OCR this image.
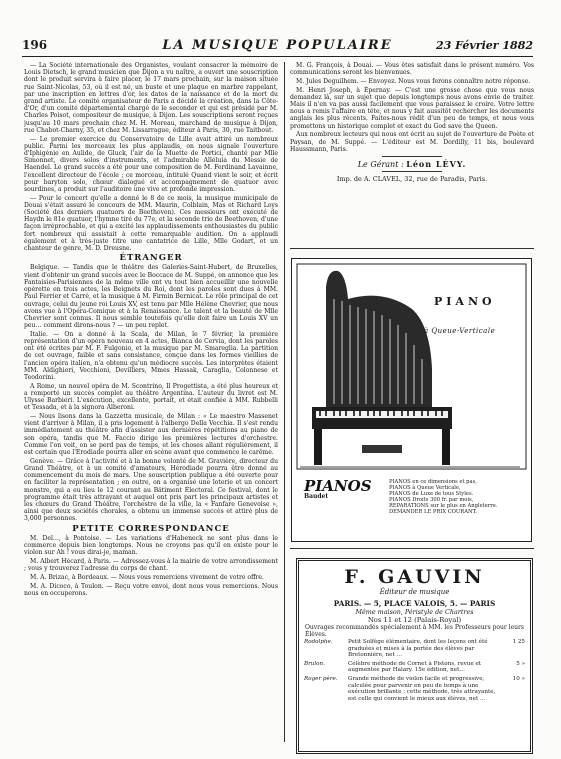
196	LA MUSIQUE POPULAIRE	23 Février 1882

— La Société internationale des Organistes, voulant consacrer la mémoire de Louis Dietsch, le grand musicien que Dijon a vu naître, a ouvert une souscription dont le produit servira à faire placer, le 17 mars prochain, sur la maison située rue Saint-Nicolas, 53, où il est né, un buste et une plaque en marbre rappelant, par une inscription en lettres d'or, les dates de la naissance et de la mort du grand artiste. Le comité organisateur de Paris a décidé la création, dans la Côte-d'Or, d'un comité départemental chargé de le seconder et qui est présidé par M. Charles Poisot, compositeur de musique, à Dijon. Les souscriptions seront reçues jusqu'au 10 mars prochain chez M. H. Moreau, marchand de musique à Dijon, rue Chabot-Charny, 35, et chez M. Lissarrague, éditeur à Paris, 30, rue Taitbout.

— Le premier exercice du Conservatoire de Lille avait attiré un nombreux public. Parmi les morceaux les plus applaudis, on nous signale l'ouverture d'Iphigénie en Aulide, de Gluck, l'air de la Muette de Portici, chanté par Mlle Simonnet, divers solos d'instruments, et l'admirable Alléluia du Messie de Haendel. Le grand succès a été pour une composition de M. Ferdinand Lavainne, l'excellent directeur de l'école ; ce morceau, intitulé Quand vient le soir, et écrit pour baryton solo, chœur dialogué et accompagnement de quatuor avec sourdines, a produit sur l'auditoire une vive et profonde impression.

— Pour le concert qu'elle a donné le 8 de ce mois, la musique municipale de Douai s'était assuré le concours de MM. Maurin, Colblain, Mas et Richard Loys (Société des derniers quatuors de Beethoven). Ces messieurs ont exécuté de Haydn le 81e quatuor, l'hymne tiré du 77e, et la seconde trio de Beethoven, d'une façon irréprochable, et qui a excité les applaudissements enthousiastes du public fort nombreux qui assistait à cette remarquable audition. On a applaudi également et à très-juste titre une cantatrice de Lille, Mlle Godart, et un chanteur de genre, M. D. Dreusne.

ÉTRANGER

Belgique. — Tandis que le théâtre des Galeries-Saint-Hubert, de Bruxelles, vient d'obtenir un grand succès avec le Boccace de M. Suppé, on annonce que les Fantaisies-Parisiennes de la même ville ont vu tout bien accueillir une nouvelle opérette en trois actes, les Beignets du Roi, dont les paroles sont dues à MM. Paul Ferrier et Carré, et la musique à M. Firmin Bernicat. Le rôle principal de cet ouvrage, celui du jeune roi Louis XV, est tenu par Mlle Hélène Chevrier, que nous avons vue à l'Opéra-Comique et à la Renaissance. Le talent et la beauté de Mlle Chevrier sont connus. Il nous semble toutefois qu'elle doit faire un Louis XV un peu… comment dirons-nous ? — un peu replet.

Italie. — On a donné à la Scala, de Milan, le 7 février, la première représentation d'un opéra nouveau en 4 actes, Bianca de Cervia, dont les paroles ont été écrites par M. F. Fulgonio, et la musique par M. Smareglia. La partition de cet ouvrage, faible et sans consistance, conçue dans les formes vieillies de l'ancien opéra italien, n'a obtenu qu'un médiocre succès. Les interprètes étaient MM. Aldighieri, Vecchioni, Devilliers, Mmes Hassak, Caraglia, Colonnese et Teodorini.

A Rome, un nouvel opéra de M. Scontrino, Il Progettista, a été plus heureux et a remporté un succès complet au théâtre Argentina. L'auteur du livret est M. Ulysse Barbieri. L'exécution, excellente, portait, et était confiée à MM. Rubbelli et Tessada, et à la signora Alberoni.

— Nous lisons dans la Gazzetta musicale, de Milan : « Le maestro Massenet vient d'arriver à Milan, il a pris logement à l'albergo Della Vecchia. Il s'est rendu immédiatement au théâtre afin d'assister aux dernières répétitions au piano de son opéra, tandis que M. Faccio dirige les premières lectures d'orchestre. Comme l'on voit, on se perd pas de temps, et les choses allant régulièrement, il est certain que l'Erodiade pourra aller en scène avant que commence le carême.

Genève. — Grâce à l'activité et à la bonne volonté de M. Gravière, directeur du Grand Théâtre, et à un comité d'amateurs, Hérodiade pourra être donné au commencement du mois de mars. Une souscription publique a été ouverte pour en faciliter la représentation ; en outre, on a organisé une loterie et un concert monstre, qui a eu lieu le 12 courant au Bâtiment Électoral. Ce festival, dont le programme était très attrayant et auquel ont pris part les principaux artistes et les chœurs du Grand Théâtre, l'orchestre de la ville, la « Fanfare Genevoise », ainsi que deux sociétés chorales, a obtenu un immense succès et attiré plus de 3,000 personnes.

PETITE CORRESPONDANCE

M. Del…, à Pontoise. — Les variations d'Habeneck ne sont plus dans le commerce depuis bien longtemps. Nous ne croyons pas qu'il en existe pour le violon sur Ah ! vous dirai-je, maman.

M. Albert Hécard, à Paris. — Adressez-vous à la mairie de votre arrondissement ; vous y trouverez l'adresse du corps de chant.

M. A. Brizac, à Bordeaux. — Nous vous remercions vivement de votre offre.

M. A. Dicoco, à Toulon. — Reçu votre envoi, dont nous vous remercions. Nous nous en occuperons.

M. G. François, à Douai. — Vous êtes satisfait dans le présent numéro. Vos communications seront les bienvenues.

M. Jules Deguilhem. — Envoyez. Nous vous ferons connaître notre réponse.

M. Henri Joseph, à Épernay. — C'est une grosse chose que vous nous demandez là, sur un sujet que depuis longtemps nous avons envie de traiter. Mais il n'en va pas aussi facilement que vous paraissez le croire. Votre lettre nous a remis l'affaire en tête, et nous y fait aussitôt rechercher les documents anglais les plus récents. Faites-nous rédit d'un peu de temps, et nous vous promettons un historique complet et exact du God save the Queen.

Aux nombreux lecteurs qui nous ont écrit au sujet de l'ouverture de Poète et Paysan, de M. Suppé. — L'éditeur est M. Dordilly, 11 bis, boulevard Haussmann, Paris.

Le Gérant : Léon LÉVY.
Imp. de A. CLAVEL, 32, rue de Paradis, Paris.
PIANO
à Queue-Verticale
PIANOS
Baudet
PIANOS en ce dimensions et pas,
PIANOS à Queue Verticale,
PIANOS de Luxe de tous Styles.
PIANOS Droits 300 fr. par mois,
REPARATIONS sur le plus en Angleterre.
DEMANDER LE PRIX COURANT.
F. GAUVIN
Éditeur de musique
PARIS. — 5, PLACE VALOIS, 5. — PARIS
Même maison, Péristyle de Chartres
Nos 11 et 12 (Palais-Royal)
Ouvrages recommandés spécialement à MM. les Professeurs pour leurs Élèves.
Rodolphe.	Petit Solfège élémentaire, dont les leçons ont été graduées et mises à la portée des élèves par Bretonnière, net …	1 25
Brulon.	Célèbre méthode de Cornet à Pistons, revue et augmentée par Halary. 15e édition, net…	5 »
Roger père.	Grande méthode de violon facile et progressive, calculée pour parvenir en peu de temps à une exécution brillante ; cette méthode, très attrayante, est celle qui convient le mieux aux élèves, net …	10 »
